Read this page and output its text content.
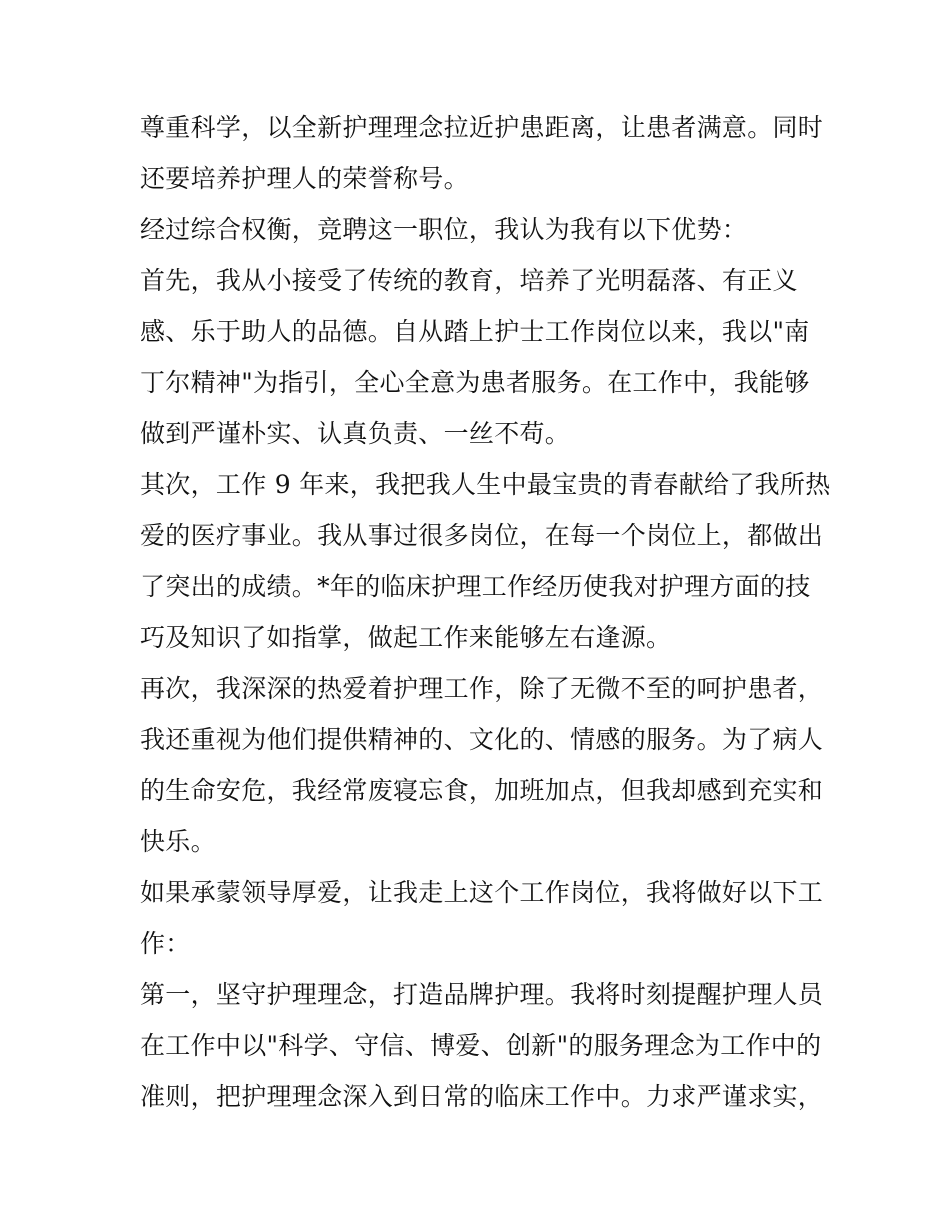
尊重科学，以全新护理理念拉近护患距离，让患者满意。同时
还要培养护理人的荣誉称号。
经过综合权衡，竞聘这一职位，我认为我有以下优势：
首先，我从小接受了传统的教育，培养了光明磊落、有正义
感、乐于助人的品德。自从踏上护士工作岗位以来，我以"南
丁尔精神"为指引，全心全意为患者服务。在工作中，我能够
做到严谨朴实、认真负责、一丝不苟。
其次，工作 9 年来，我把我人生中最宝贵的青春献给了我所热
爱的医疗事业。我从事过很多岗位，在每一个岗位上，都做出
了突出的成绩。*年的临床护理工作经历使我对护理方面的技
巧及知识了如指掌，做起工作来能够左右逢源。
再次，我深深的热爱着护理工作，除了无微不至的呵护患者，
我还重视为他们提供精神的、文化的、情感的服务。为了病人
的生命安危，我经常废寝忘食，加班加点，但我却感到充实和
快乐。
如果承蒙领导厚爱，让我走上这个工作岗位，我将做好以下工
作：
第一，坚守护理理念，打造品牌护理。我将时刻提醒护理人员
在工作中以"科学、守信、博爱、创新"的服务理念为工作中的
准则，把护理理念深入到日常的临床工作中。力求严谨求实，
